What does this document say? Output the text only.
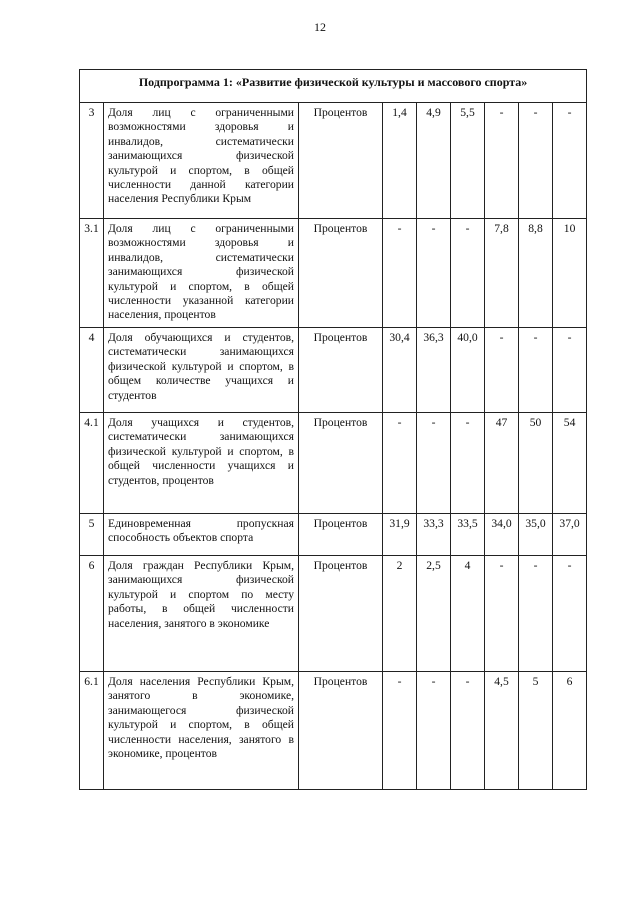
12
Подпрограмма 1: «Развитие физической культуры и массового спорта»								
3	Доля лиц с ограниченными возможностями здоровья и инвалидов, систематически занимающихся физической культурой и спортом, в общей численности данной категории населения Республики Крым	Процентов	1,4	4,9	5,5	-	-	-
3.1	Доля лиц с ограниченными возможностями здоровья и инвалидов, систематически занимающихся физической культурой и спортом, в общей численности указанной категории населения, процентов	Процентов	-	-	-	7,8	8,8	10
4	Доля обучающихся и студентов, систематически занимающихся физической культурой и спортом, в общем количестве учащихся и студентов	Процентов	30,4	36,3	40,0	-	-	-
4.1	Доля учащихся и студентов, систематически занимающихся физической культурой и спортом, в общей численности учащихся и студентов, процентов	Процентов	-	-	-	47	50	54
5	Единовременная пропускная способность объектов спорта	Процентов	31,9	33,3	33,5	34,0	35,0	37,0
6	Доля граждан Республики Крым, занимающихся физической культурой и спортом по месту работы, в общей численности населения, занятого в экономике	Процентов	2	2,5	4	-	-	-
6.1	Доля населения Республики Крым, занятого в экономике, занимающегося физической культурой и спортом, в общей численности населения, занятого в экономике, процентов	Процентов	-	-	-	4,5	5	6
